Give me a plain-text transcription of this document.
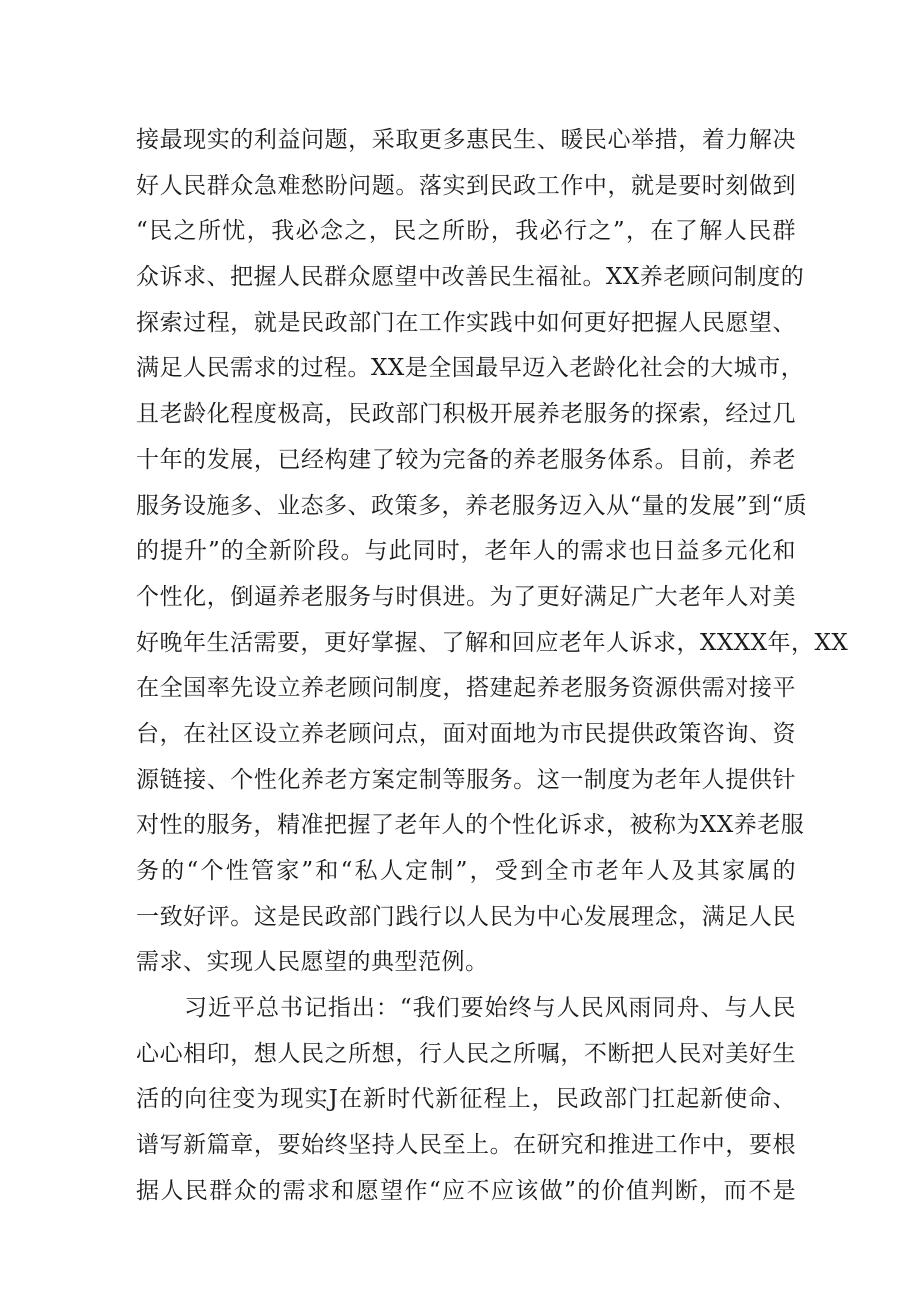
接最现实的利益问题，采取更多惠民生、暖民心举措，着力解决
好人民群众急难愁盼问题。落实到民政工作中，就是要时刻做到
“民之所忧，我必念之，民之所盼，我必行之”，在了解人民群
众诉求、把握人民群众愿望中改善民生福祉。XX养老顾问制度的
探索过程，就是民政部门在工作实践中如何更好把握人民愿望、
满足人民需求的过程。XX是全国最早迈入老龄化社会的大城市，
且老龄化程度极高，民政部门积极开展养老服务的探索，经过几
十年的发展，已经构建了较为完备的养老服务体系。目前，养老
服务设施多、业态多、政策多，养老服务迈入从“量的发展”到“质
的提升”的全新阶段。与此同时，老年人的需求也日益多元化和
个性化，倒逼养老服务与时俱进。为了更好满足广大老年人对美
好晚年生活需要，更好掌握、了解和回应老年人诉求，XXXX年，XX
在全国率先设立养老顾问制度，搭建起养老服务资源供需对接平
台，在社区设立养老顾问点，面对面地为市民提供政策咨询、资
源链接、个性化养老方案定制等服务。这一制度为老年人提供针
对性的服务，精准把握了老年人的个性化诉求，被称为XX养老服
务的“个性管家”和“私人定制”，受到全市老年人及其家属的
一致好评。这是民政部门践行以人民为中心发展理念，满足人民
需求、实现人民愿望的典型范例。
习近平总书记指出：“我们要始终与人民风雨同舟、与人民
心心相印，想人民之所想，行人民之所嘱，不断把人民对美好生
活的向往变为现实J在新时代新征程上，民政部门扛起新使命、
谱写新篇章，要始终坚持人民至上。在研究和推进工作中，要根
据人民群众的需求和愿望作“应不应该做”的价值判断，而不是
